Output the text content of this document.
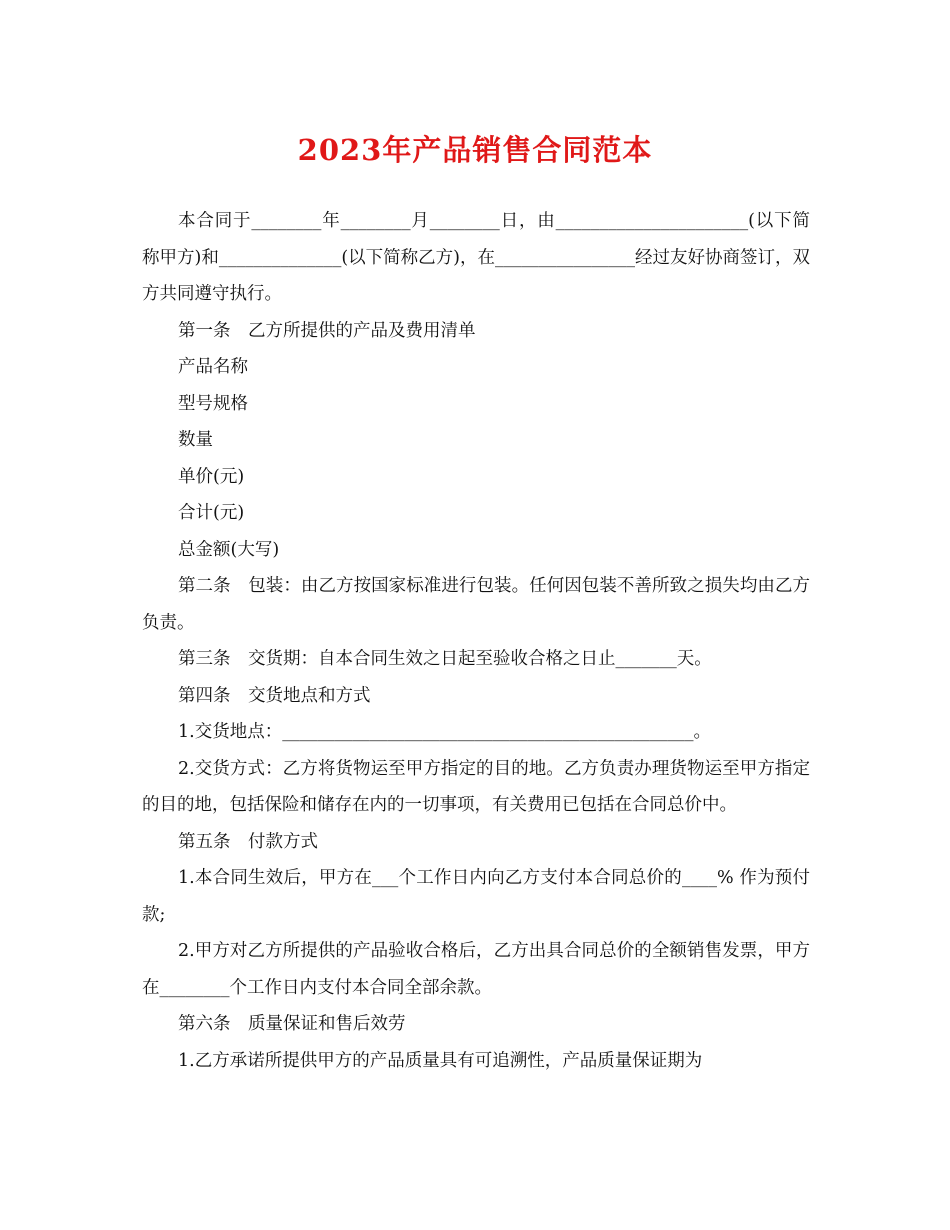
2023年产品销售合同范本

本合同于________年________月________日，由______________________(以下简称甲方)和______________(以下简称乙方)，在________________经过友好协商签订，双方共同遵守执行。

第一条　乙方所提供的产品及费用清单

产品名称

型号规格

数量

单价(元)

合计(元)

总金额(大写)

第二条　包装：由乙方按国家标准进行包装。任何因包装不善所致之损失均由乙方负责。

第三条　交货期：自本合同生效之日起至验收合格之日止_______天。

第四条　交货地点和方式

1.交货地点：_______________________________________________。

2.交货方式：乙方将货物运至甲方指定的目的地。乙方负责办理货物运至甲方指定的目的地，包括保险和储存在内的一切事项，有关费用已包括在合同总价中。

第五条　付款方式

1.本合同生效后，甲方在___个工作日内向乙方支付本合同总价的____% 作为预付款;

2.甲方对乙方所提供的产品验收合格后，乙方出具合同总价的全额销售发票，甲方在________个工作日内支付本合同全部余款。

第六条　质量保证和售后效劳

1.乙方承诺所提供甲方的产品质量具有可追溯性，产品质量保证期为
